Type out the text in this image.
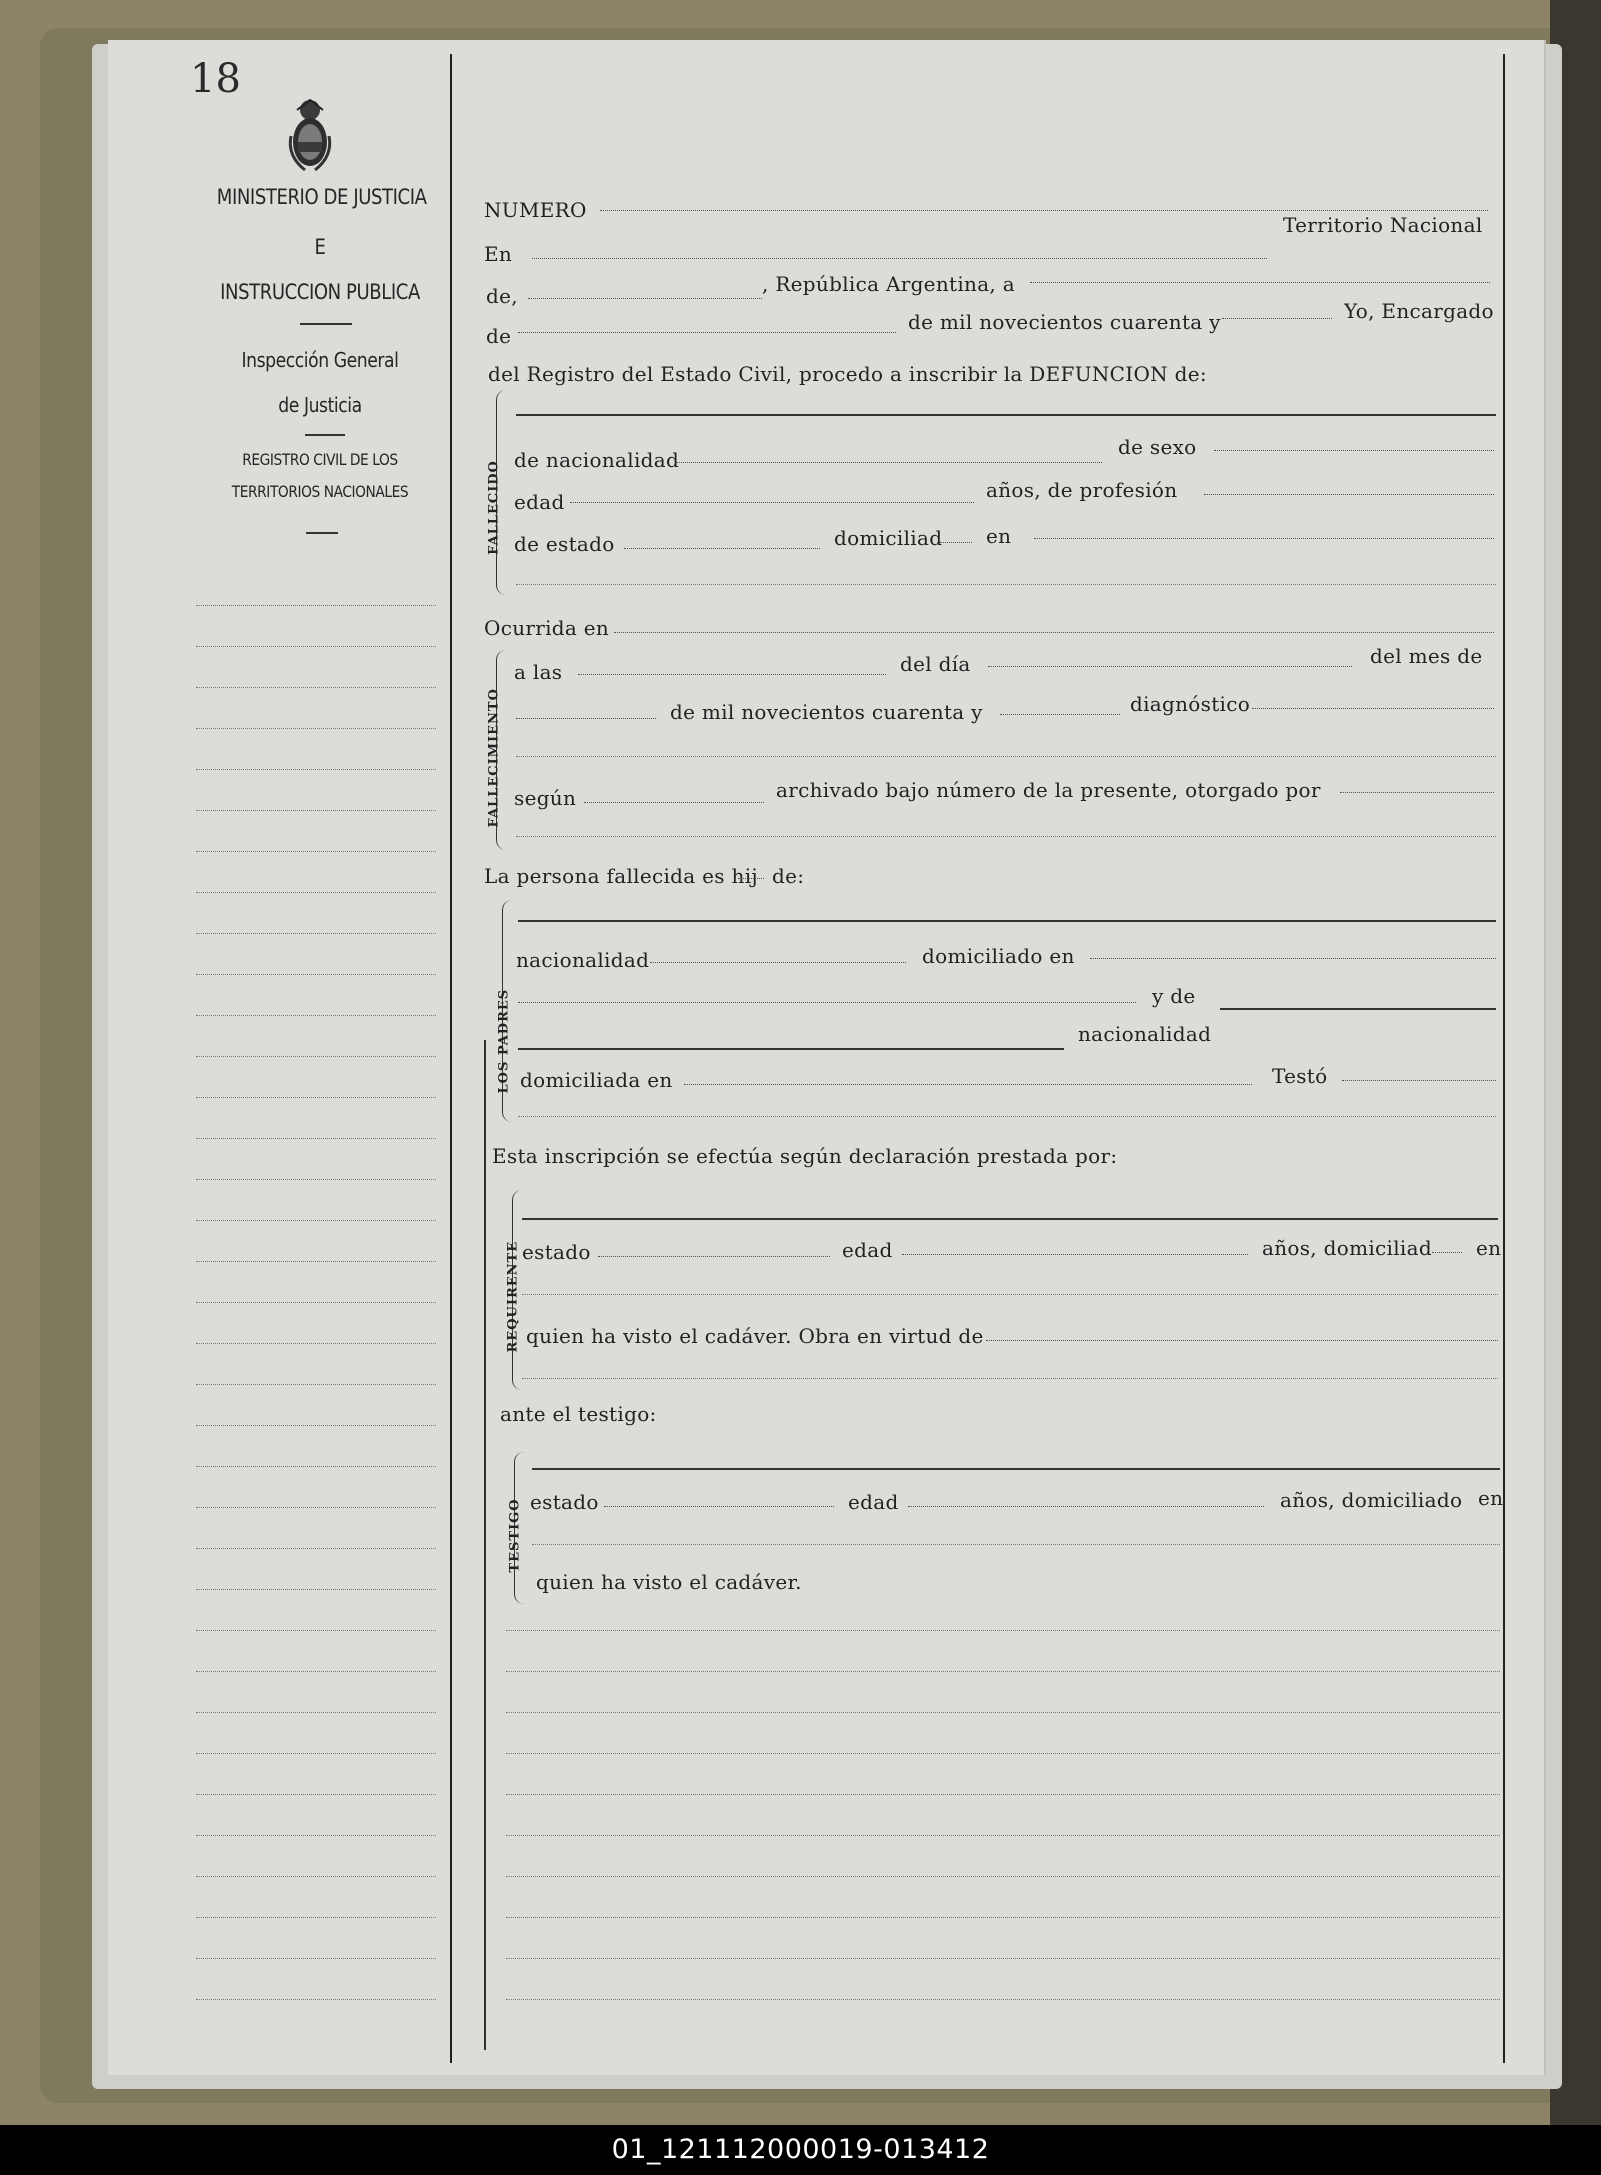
18
MINISTERIO DE JUSTICIA
E
INSTRUCCION PUBLICA
Inspección General
de Justicia
REGISTRO CIVIL DE LOS
TERRITORIOS NACIONALES
NUMERO
Territorio Nacional
En
de,	, República Argentina, a
de
de mil novecientos cuarenta y	Yo, Encargado
del Registro del Estado Civil, procedo a inscribir la DEFUNCION de:
FALLECIDO
de nacionalidad
de sexo
edad	años, de profesión
de estado	domiciliad en
Ocurrida en
FALLECIMIENTO
a las	del día	del mes de
de mil novecientos cuarenta y	diagnóstico
según	archivado bajo número de la presente, otorgado por
La persona fallecida es hij de:
LOS PADRES
nacionalidad	domiciliado en
y de
nacionalidad
domiciliada en	Testó
Esta inscripción se efectúa según declaración prestada por:
REQUIRENTE estado	edad	años, domiciliad en
quien ha visto el cadáver. Obra en virtud de
ante el testigo:
TESTIGO estado	edad	años, domiciliado en
quien ha visto el cadáver.
01_121112000019-013412
